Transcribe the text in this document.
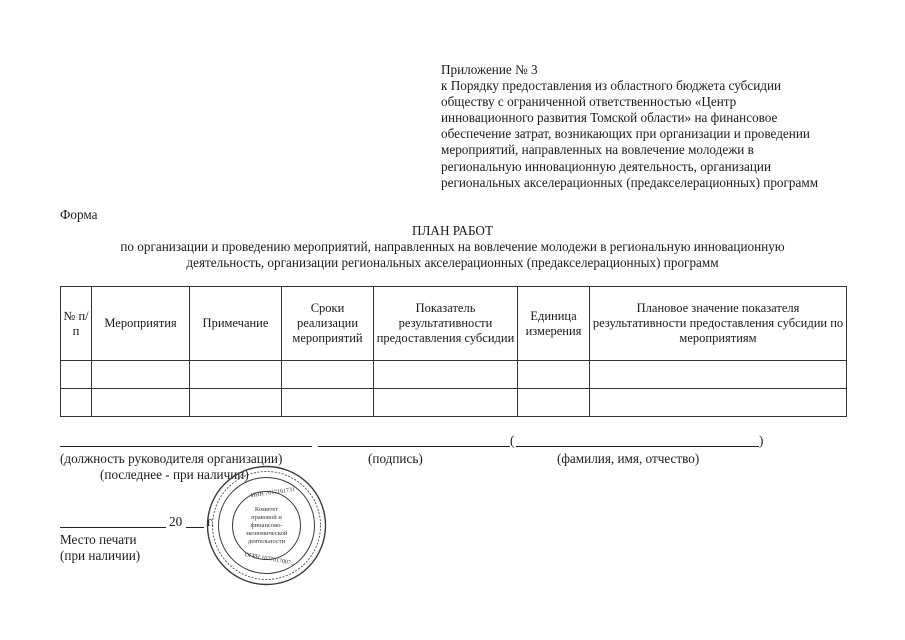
Приложение № 3
к Порядку предоставления из областного бюджета субсидии
обществу с ограниченной ответственностью «Центр
инновационного развития Томской области» на финансовое
обеспечение затрат, возникающих при организации и проведении
мероприятий, направленных на вовлечение молодежи в
региональную инновационную деятельность, организации
региональных акселерационных (предакселерационных) программ
Форма
ПЛАН РАБОТ
по организации и проведению мероприятий, направленных на вовлечение молодежи в региональную инновационную
деятельность, организации региональных акселерационных (предакселерационных) программ
№ п/п	Мероприятия	Примечание	Сроки реализации мероприятий	Показатель результативности предоставления субсидии	Единица измерения	Плановое значение показателя результативности предоставления субсидии по мероприятиям

(	)
(должность руководителя организации)
(последнее - при наличии)
(подпись)	(фамилия, имя, отчество)
20 г.
Место печати
(при наличии)
ИНН 7017161731
Комитет
правовой и
финансово-
экономической
деятельности
ОГРН 1077017007...
